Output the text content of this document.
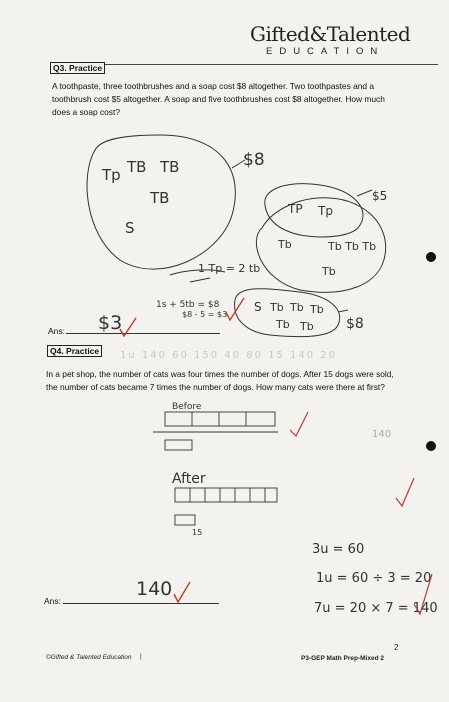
Gifted&Talented
EDUCATION
Q3. Practice
A toothpaste, three toothbrushes and a soap cost $8 altogether. Two toothpastes and a toothbrush cost $5 altogether. A soap and five toothbrushes cost $8 altogether. How much does a soap cost?
Tp TB TB
TB
S
$8
TP Tp
$5
Tb	Tb Tb Tb
Tb
S Tb Tb Tb
Tb Tb $8
1 Tp = 2 tb
1s + 5tb = $8
$8 - 5 = $3
Ans: $3
Q4. Practice	1u 140 60 150 40 80 15 140 20
In a pet shop, the number of cats was four times the number of dogs. After 15 dogs were sold, the number of cats became 7 times the number of dogs. How many cats were there at first?
Before
After
15
140
3u = 60
1u = 60 ÷ 3 = 20
7u = 20 × 7 = 140
Ans:
140
2
©Gifted & Talented Education |	P3-GEP Math Prep-Mixed 2
